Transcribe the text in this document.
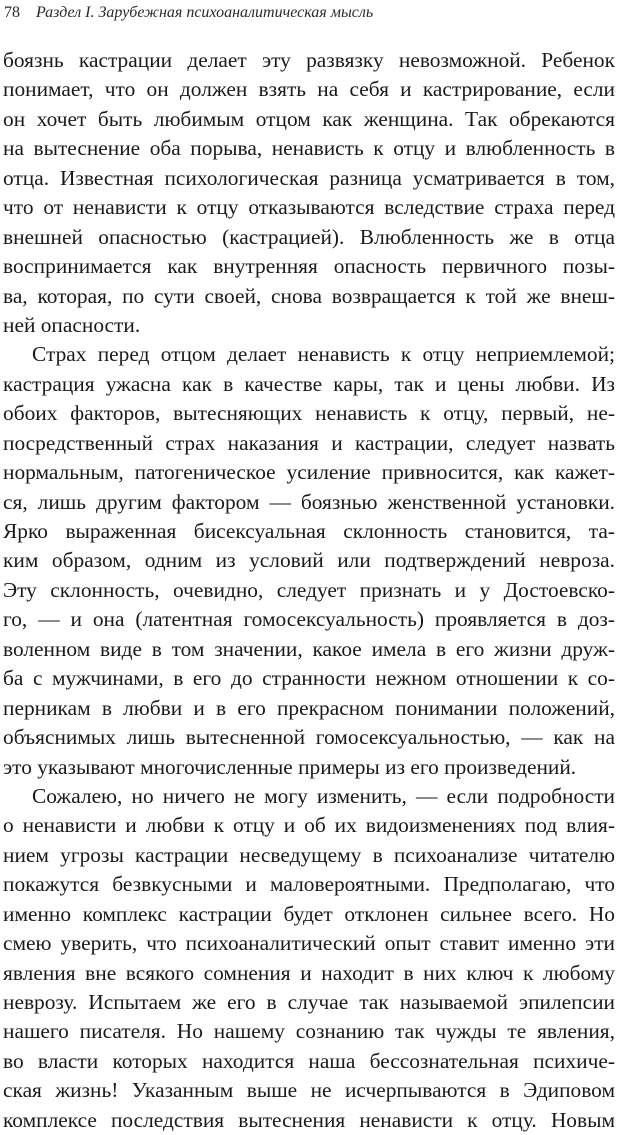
78 Раздел I. Зарубежная психоаналитическая мысль
боязнь кастрации делает эту развязку невозможной. Ребенок
понимает, что он должен взять на себя и кастрирование, если
он хочет быть любимым отцом как женщина. Так обрекаются
на вытеснение оба порыва, ненависть к отцу и влюбленность в
отца. Известная психологическая разница усматривается в том,
что от ненависти к отцу отказываются вследствие страха перед
внешней опасностью (кастрацией). Влюбленность же в отца
воспринимается как внутренняя опасность первичного позы-
ва, которая, по сути своей, снова возвращается к той же внеш-
ней опасности.
Страх перед отцом делает ненависть к отцу неприемлемой;
кастрация ужасна как в качестве кары, так и цены любви. Из
обоих факторов, вытесняющих ненависть к отцу, первый, не-
посредственный страх наказания и кастрации, следует назвать
нормальным, патогеническое усиление привносится, как кажет-
ся, лишь другим фактором — боязнью женственной установки.
Ярко выраженная бисексуальная склонность становится, та-
ким образом, одним из условий или подтверждений невроза.
Эту склонность, очевидно, следует признать и у Достоевско-
го, — и она (латентная гомосексуальность) проявляется в доз-
воленном виде в том значении, какое имела в его жизни друж-
ба с мужчинами, в его до странности нежном отношении к со-
перникам в любви и в его прекрасном понимании положений,
объяснимых лишь вытесненной гомосексуальностью, — как на
это указывают многочисленные примеры из его произведений.
Сожалею, но ничего не могу изменить, — если подробности
о ненависти и любви к отцу и об их видоизменениях под влия-
нием угрозы кастрации несведущему в психоанализе читателю
покажутся безвкусными и маловероятными. Предполагаю, что
именно комплекс кастрации будет отклонен сильнее всего. Но
смею уверить, что психоаналитический опыт ставит именно эти
явления вне всякого сомнения и находит в них ключ к любому
неврозу. Испытаем же его в случае так называемой эпилепсии
нашего писателя. Но нашему сознанию так чужды те явления,
во власти которых находится наша бессознательная психиче-
ская жизнь! Указанным выше не исчерпываются в Эдиповом
комплексе последствия вытеснения ненависти к отцу. Новым
